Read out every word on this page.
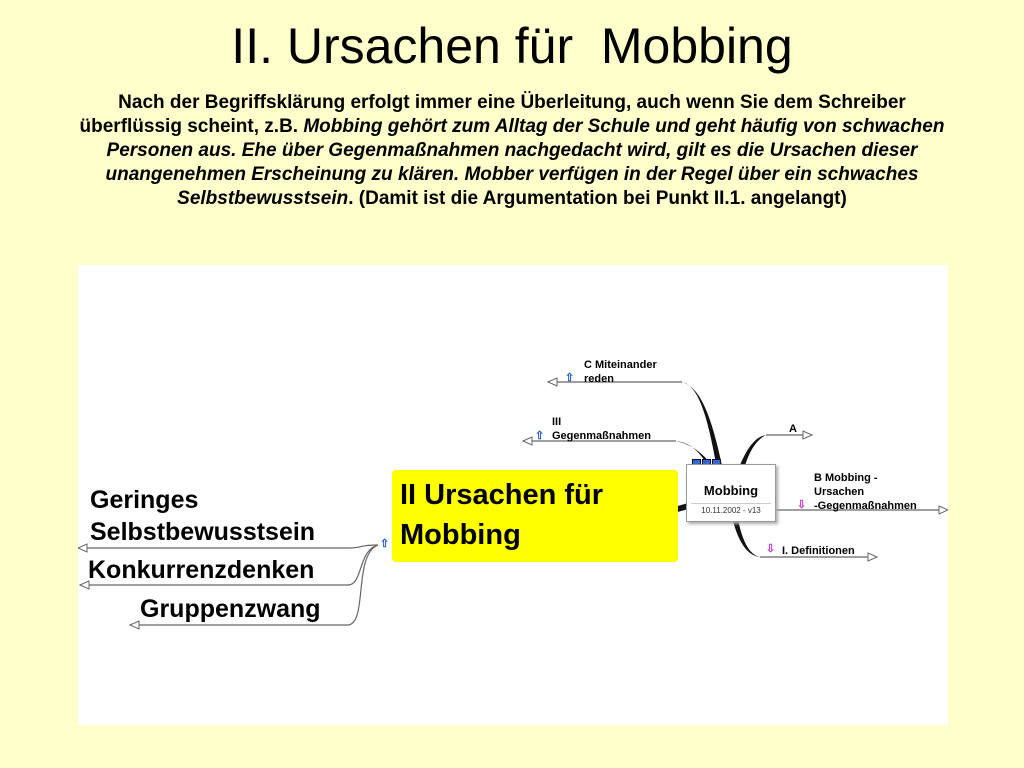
II. Ursachen für  Mobbing
Nach der Begriffsklärung erfolgt immer eine Überleitung, auch wenn Sie dem Schreiber überflüssig scheint, z.B. Mobbing gehört zum Alltag der Schule und geht häufig von schwachen Personen aus. Ehe über Gegenmaßnahmen nachgedacht wird, gilt es die Ursachen dieser unangenehmen Erscheinung zu klären. Mobber verfügen in der Regel über ein schwaches Selbstbewusstsein. (Damit ist die Argumentation bei Punkt II.1. angelangt)
Geringes
Selbstbewusstsein
Konkurrenzdenken
Gruppenzwang
II Ursachen für
Mobbing
⇧
Mobbing
10.11.2002 - v13
C Miteinander
reden
⇧
III
Gegenmaßnahmen
⇧
A
B Mobbing -
Ursachen
-Gegenmaßnahmen
⇩
I. Definitionen
⇩
